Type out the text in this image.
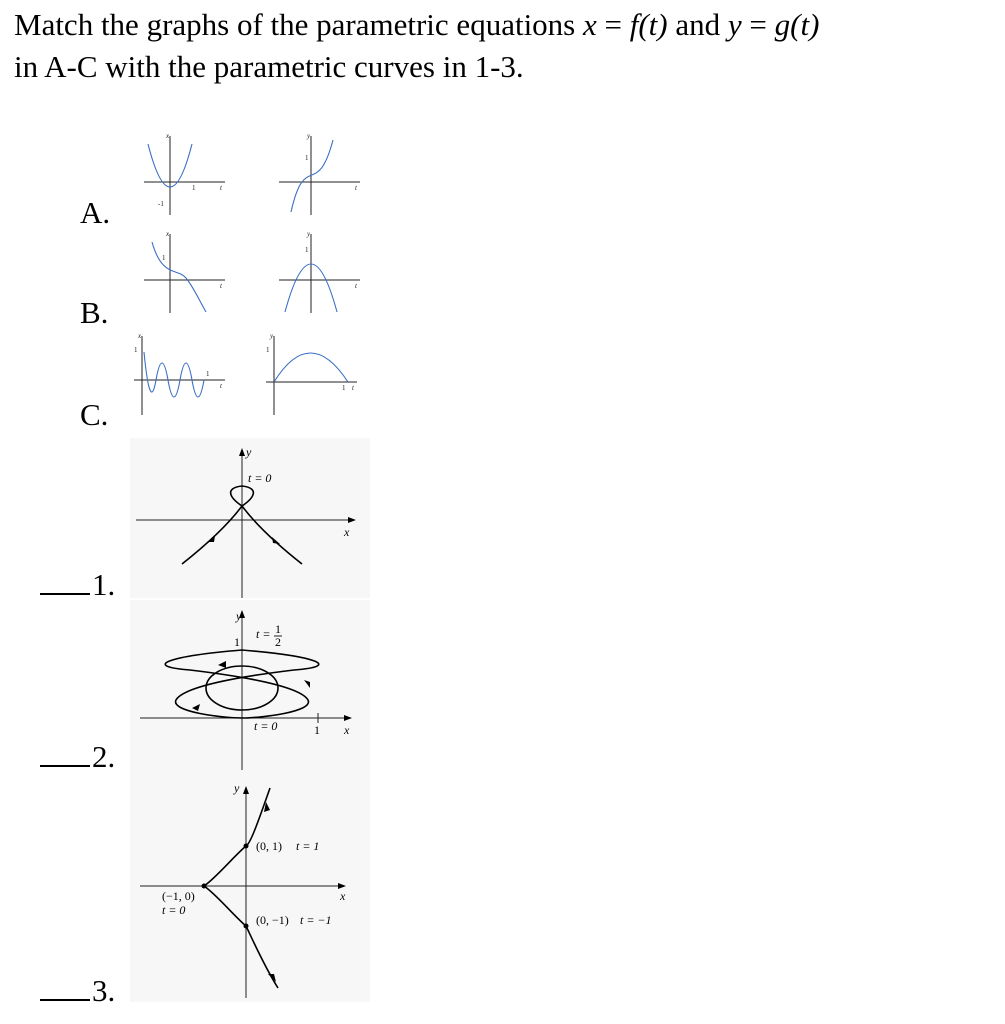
Match the graphs of the parametric equations x = f(t) and y = g(t)
in A-C with the parametric curves in 1-3.
A.
B.
C.
x
t
1
-1
y
t
1
x
t
1
y
t
1
x
t
1
1
y
t
1
1
1.
2.
3.
y
x
t = 0
y
x
1
1
t = 1
2
t = 0
y
x
(0, 1) t = 1
(−1, 0)
t = 0
(0, −1) t = −1
